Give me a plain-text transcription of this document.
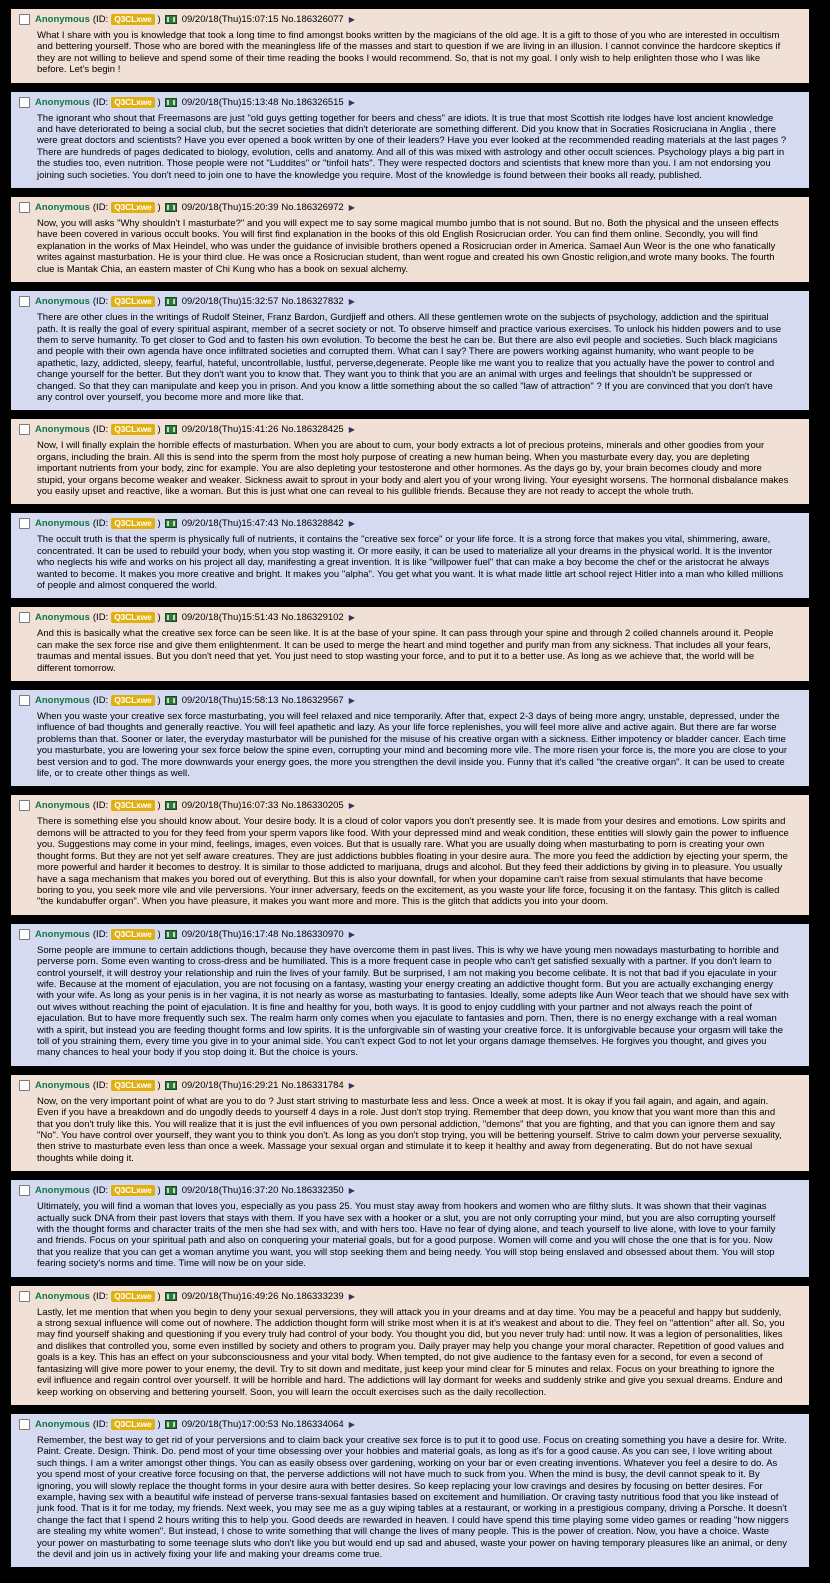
Anonymous (ID: Q3CLxwe ) 09/20/18(Thu)15:07:15 No.186326077 ▶
What I share with you is knowledge that took a long time to find amongst books written by the magicians of the old age. It is a gift to those of you who are interested in occultism and bettering yourself. Those who are bored with the meaningless life of the masses and start to question if we are living in an illusion. I cannot convince the hardcore skeptics if they are not willing to believe and spend some of their time reading the books I would recommend. So, that is not my goal. I only wish to help enlighten those who I was like before. Let's begin !
Anonymous (ID: Q3CLxwe ) 09/20/18(Thu)15:13:48 No.186326515 ▶
The ignorant who shout that Freemasons are just "old guys getting together for beers and chess" are idiots. It is true that most Scottish rite lodges have lost ancient knowledge and have deteriorated to being a social club, but the secret societies that didn't deteriorate are something different. Did you know that in Socraties Rosicruciana in Anglia , there were great doctors and scientists? Have you ever opened a book written by one of their leaders? Have you ever looked at the recommended reading materials at the last pages ? There are hundreds of pages dedicated to biology, evolution, cells and anatomy. And all of this was mixed with astrology and other occult sciences. Psychology plays a big part in the studies too, even nutrition. Those people were not "Luddites" or "tinfoil hats". They were respected doctors and scientists that knew more than you. I am not endorsing you joining such societies. You don't need to join one to have the knowledge you require. Most of the knowledge is found between their books all ready, published.
Anonymous (ID: Q3CLxwe ) 09/20/18(Thu)15:20:39 No.186326972 ▶
Now, you will asks "Why shouldn't I masturbate?" and you will expect me to say some magical mumbo jumbo that is not sound. But no. Both the physical and the unseen effects have been covered in various occult books. You will first find explanation in the books of this old English Rosicrucian order. You can find them online. Secondly, you will find explanation in the works of Max Heindel, who was under the guidance of invisible brothers opened a Rosicrucian order in America. Samael Aun Weor is the one who fanatically writes against masturbation. He is your third clue. He was once a Rosicrucian student, than went rogue and created his own Gnostic religion,and wrote many books. The fourth clue is Mantak Chia, an eastern master of Chi Kung who has a book on sexual alchemy.
Anonymous (ID: Q3CLxwe ) 09/20/18(Thu)15:32:57 No.186327832 ▶
There are other clues in the writings of Rudolf Steiner, Franz Bardon, Gurdjieff and others. All these gentlemen wrote on the subjects of psychology, addiction and the spiritual path. It is really the goal of every spiritual aspirant, member of a secret society or not. To observe himself and practice various exercises. To unlock his hidden powers and to use them to serve humanity. To get closer to God and to fasten his own evolution. To become the best he can be. But there are also evil people and societies. Such black magicians and people with their own agenda have once infiltrated societies and corrupted them. What can I say? There are powers working against humanity, who want people to be apathetic, lazy, addicted, sleepy, fearful, hateful, uncontrollable, lustful, perverse,degenerate. People like me want you to realize that you actually have the power to control and change yourself for the better. But they don't want you to know that. They want you to think that you are an animal with urges and feelings that shouldn't be suppressed or changed. So that they can manipulate and keep you in prison. And you know a little something about the so called "law of attraction" ? If you are convinced that you don't have any control over yourself, you become more and more like that.
Anonymous (ID: Q3CLxwe ) 09/20/18(Thu)15:41:26 No.186328425 ▶
Now, I will finally explain the horrible effects of masturbation. When you are about to cum, your body extracts a lot of precious proteins, minerals and other goodies from your organs, including the brain. All this is send into the sperm from the most holy purpose of creating a new human being. When you masturbate every day, you are depleting important nutrients from your body, zinc for example. You are also depleting your testosterone and other hormones. As the days go by, your brain becomes cloudy and more stupid, your organs become weaker and weaker. Sickness await to sprout in your body and alert you of your wrong living. Your eyesight worsens. The hormonal disbalance makes you easily upset and reactive, like a woman. But this is just what one can reveal to his gullible friends. Because they are not ready to accept the whole truth.
Anonymous (ID: Q3CLxwe ) 09/20/18(Thu)15:47:43 No.186328842 ▶
The occult truth is that the sperm is physically full of nutrients, it contains the "creative sex force" or your life force. It is a strong force that makes you vital, shimmering, aware, concentrated. It can be used to rebuild your body, when you stop wasting it. Or more easily, it can be used to materialize all your dreams in the physical world. It is the inventor who neglects his wife and works on his project all day, manifesting a great invention. It is like "willpower fuel" that can make a boy become the chef or the aristocrat he always wanted to become. It makes you more creative and bright. It makes you "alpha". You get what you want. It is what made little art school reject Hitler into a man who killed millions of people and almost conquered the world.
Anonymous (ID: Q3CLxwe ) 09/20/18(Thu)15:51:43 No.186329102 ▶
And this is basically what the creative sex force can be seen like. It is at the base of your spine. It can pass through your spine and through 2 coiled channels around it. People can make the sex force rise and give them enlightenment. It can be used to merge the heart and mind together and purify man from any sickness. That includes all your fears, traumas and mental issues. But you don't need that yet. You just need to stop wasting your force, and to put it to a better use. As long as we achieve that, the world will be different tomorrow.
Anonymous (ID: Q3CLxwe ) 09/20/18(Thu)15:58:13 No.186329567 ▶
When you waste your creative sex force masturbating, you will feel relaxed and nice temporarily. After that, expect 2-3 days of being more angry, unstable, depressed, under the influence of bad thoughts and generally reactive. You will feel apathetic and lazy. As your life force replenishes, you will feel more alive and active again. But there are far worse problems than that. Sooner or later, the everyday masturbator will be punished for the misuse of his creative organ with a sickness. Either impotency or bladder cancer. Each time you masturbate, you are lowering your sex force below the spine even, corrupting your mind and becoming more vile. The more risen your force is, the more you are close to your best version and to god. The more downwards your energy goes, the more you strengthen the devil inside you. Funny that it's called "the creative organ". It can be used to create life, or to create other things as well.
Anonymous (ID: Q3CLxwe ) 09/20/18(Thu)16:07:33 No.186330205 ▶
There is something else you should know about. Your desire body. It is a cloud of color vapors you don't presently see. It is made from your desires and emotions. Low spirits and demons will be attracted to you for they feed from your sperm vapors like food. With your depressed mind and weak condition, these entities will slowly gain the power to influence you. Suggestions may come in your mind, feelings, images, even voices. But that is usually rare. What you are usually doing when masturbating to porn is creating your own thought forms. But they are not yet self aware creatures. They are just addictions bubbles floating in your desire aura. The more you feed the addiction by ejecting your sperm, the more powerful and harder it becomes to destroy. It is similar to those addicted to marijuana, drugs and alcohol. But they feed their addictions by giving in to pleasure. You usually have a saga mechanism that makes you bored out of everything. But this is also your downfall, for when your dopamine can't raise from sexual stimulants that have become boring to you, you seek more vile and vile perversions. Your inner adversary, feeds on the excitement, as you waste your life force, focusing it on the fantasy. This glitch is called "the kundabuffer organ". When you have pleasure, it makes you want more and more. This is the glitch that addicts you into your doom.
Anonymous (ID: Q3CLxwe ) 09/20/18(Thu)16:17:48 No.186330970 ▶
Some people are immune to certain addictions though, because they have overcome them in past lives. This is why we have young men nowadays masturbating to horrible and perverse porn. Some even wanting to cross-dress and be humiliated. This is a more frequent case in people who can't get satisfied sexually with a partner. If you don't learn to control yourself, it will destroy your relationship and ruin the lives of your family. But be surprised, I am not making you become celibate. It is not that bad if you ejaculate in your wife. Because at the moment of ejaculation, you are not focusing on a fantasy, wasting your energy creating an addictive thought form. But you are actually exchanging energy with your wife. As long as your penis is in her vagina, it is not nearly as worse as masturbating to fantasies. Ideally, some adepts like Aun Weor teach that we should have sex with out wives without reaching the point of ejaculation. It is fine and healthy for you, both ways. It is good to enjoy cuddling with your partner and not always reach the point of ejaculation. But to have more frequently such sex. The realm harm only comes when you ejaculate to fantasies and porn. Then, there is no energy exchange with a real woman with a spirit, but instead you are feeding thought forms and low spirits. It is the unforgivable sin of wasting your creative force. It is unforgivable because your orgasm will take the toll of you straining them, every time you give in to your animal side. You can't expect God to not let your organs damage themselves. He forgives you thought, and gives you many chances to heal your body if you stop doing it. But the choice is yours.
Anonymous (ID: Q3CLxwe ) 09/20/18(Thu)16:29:21 No.186331784 ▶
Now, on the very important point of what are you to do ? Just start striving to masturbate less and less. Once a week at most. It is okay if you fail again, and again, and again. Even if you have a breakdown and do ungodly deeds to yourself 4 days in a role. Just don't stop trying. Remember that deep down, you know that you want more than this and that you don't truly like this. You will realize that it is just the evil influences of you own personal addiction, "demons" that you are fighting, and that you can ignore them and say "No". You have control over yourself, they want you to think you don't. As long as you don't stop trying, you will be bettering yourself. Strive to calm down your perverse sexuality, then strive to masturbate even less than once a week. Massage your sexual organ and stimulate it to keep it healthy and away from degenerating. But do not have sexual thoughts while doing it.
Anonymous (ID: Q3CLxwe ) 09/20/18(Thu)16:37:20 No.186332350 ▶
Ultimately, you will find a woman that loves you, especially as you pass 25. You must stay away from hookers and women who are filthy sluts. It was shown that their vaginas actually suck DNA from their past lovers that stays with them. If you have sex with a hooker or a slut, you are not only corrupting your mind, but you are also corrupting yourself with the thought forms and character traits of the men she had sex with, and with hers too. Have no fear of dying alone, and teach yourself to live alone, with love to your family and friends. Focus on your spiritual path and also on conquering your material goals, but for a good purpose. Women will come and you will chose the one that is for you. Now that you realize that you can get a woman anytime you want, you will stop seeking them and being needy. You will stop being enslaved and obsessed about them. You will stop fearing society's norms and time. Time will now be on your side.
Anonymous (ID: Q3CLxwe ) 09/20/18(Thu)16:49:26 No.186333239 ▶
Lastly, let me mention that when you begin to deny your sexual perversions, they will attack you in your dreams and at day time. You may be a peaceful and happy but suddenly, a strong sexual influence will come out of nowhere. The addiction thought form will strike most when it is at it's weakest and about to die. They feel on "attention" after all. So, you may find yourself shaking and questioning if you every truly had control of your body. You thought you did, but you never truly had: until now. It was a legion of personalities, likes and dislikes that controlled you, some even instilled by society and others to program you. Daily prayer may help you change your moral character. Repetition of good values and goals is a key. This has an effect on your subconsciousness and your vital body. When tempted, do not give audience to the fantasy even for a second, for even a second of fantasizing will give more power to your enemy, the devil. Try to sit down and meditate, just keep your mind clear for 5 minutes and relax. Focus on your breathing to ignore the evil influence and regain control over yourself. It will be horrible and hard. The addictions will lay dormant for weeks and suddenly strike and give you sexual dreams. Endure and keep working on observing and bettering yourself. Soon, you will learn the occult exercises such as the daily recollection.
Anonymous (ID: Q3CLxwe ) 09/20/18(Thu)17:00:53 No.186334064 ▶
Remember, the best way to get rid of your perversions and to claim back your creative sex force is to put it to good use. Focus on creating something you have a desire for. Write. Paint. Create. Design. Think. Do. pend most of your time obsessing over your hobbies and material goals, as long as it's for a good cause. As you can see, I love writing about such things. I am a writer amongst other things. You can as easily obsess over gardening, working on your bar or even creating inventions. Whatever you feel a desire to do. As you spend most of your creative force focusing on that, the perverse addictions will not have much to suck from you. When the mind is busy, the devil cannot speak to it. By ignoring, you will slowly replace the thought forms in your desire aura with better desires. So keep replacing your low cravings and desires by focusing on better desires. For example, having sex with a beautiful wife instead of perverse trans-sexual fantasies based on excitement and humiliation. Or craving tasty nutritious food that you like instead of junk food. That is it for me today, my friends. Next week, you may see me as a guy wiping tables at a restaurant, or working in a prestigious company, driving a Porsche. It doesn't change the fact that I spend 2 hours writing this to help you. Good deeds are rewarded in heaven. I could have spend this time playing some video games or reading "how niggers are stealing my white women". But instead, I chose to write something that will change the lives of many people. This is the power of creation. Now, you have a choice. Waste your power on masturbating to some teenage sluts who don't like you but would end up sad and abused, waste your power on having temporary pleasures like an animal, or deny the devil and join us in actively fixing your life and making your dreams come true.
